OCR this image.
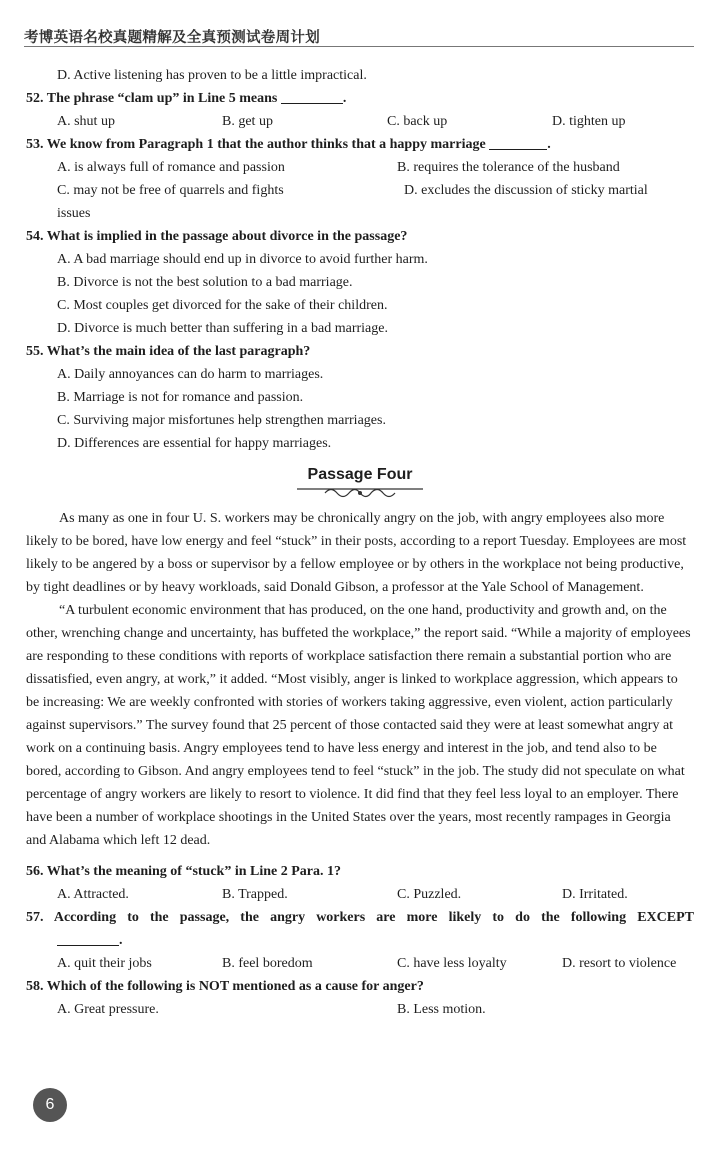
考博英语名校真题精解及全真预测试卷周计划
D. Active listening has proven to be a little impractical.
52. The phrase “clam up” in Line 5 means	.
A. shut up	B. get up	C. back up	D. tighten up
53. We know from Paragraph 1 that the author thinks that a happy marriage	.
A. is always full of romance and passion	B. requires the tolerance of the husband
C. may not be free of quarrels and fights	D. excludes the discussion of sticky martial
issues
54. What is implied in the passage about divorce in the passage?
A. A bad marriage should end up in divorce to avoid further harm.
B. Divorce is not the best solution to a bad marriage.
C. Most couples get divorced for the sake of their children.
D. Divorce is much better than suffering in a bad marriage.
55. What’s the main idea of the last paragraph?
A. Daily annoyances can do harm to marriages.
B. Marriage is not for romance and passion.
C. Surviving major misfortunes help strengthen marriages.
D. Differences are essential for happy marriages.
Passage Four
As many as one in four U. S. workers may be chronically angry on the job, with angry employees also more likely to be bored, have low energy and feel “stuck” in their posts, according to a report Tuesday. Employees are most likely to be angered by a boss or supervisor by a fellow employee or by others in the workplace not being productive, by tight deadlines or by heavy workloads, said Donald Gibson, a professor at the Yale School of Management.
“A turbulent economic environment that has produced, on the one hand, productivity and growth and, on the other, wrenching change and uncertainty, has buffeted the workplace,” the report said. “While a majority of employees are responding to these conditions with reports of workplace satisfaction there remain a substantial portion who are dissatisfied, even angry, at work,” it added. “Most visibly, anger is linked to workplace aggression, which appears to be increasing: We are weekly confronted with stories of workers taking aggressive, even violent, action particularly against supervisors.” The survey found that 25 percent of those contacted said they were at least somewhat angry at work on a continuing basis. Angry employees tend to have less energy and interest in the job, and tend also to be bored, according to Gibson. And angry employees tend to feel “stuck” in the job. The study did not speculate on what percentage of angry workers are likely to resort to violence. It did find that they feel less loyal to an employer. There have been a number of workplace shootings in the United States over the years, most recently rampages in Georgia and Alabama which left 12 dead.
56. What’s the meaning of “stuck” in Line 2 Para. 1?
A. Attracted.	B. Trapped.	C. Puzzled.	D. Irritated.
57. According to the passage, the angry workers are more likely to do the following EXCEPT
.
A. quit their jobs	B. feel boredom	C. have less loyalty	D. resort to violence
58. Which of the following is NOT mentioned as a cause for anger?
A. Great pressure.	B. Less motion.
6
